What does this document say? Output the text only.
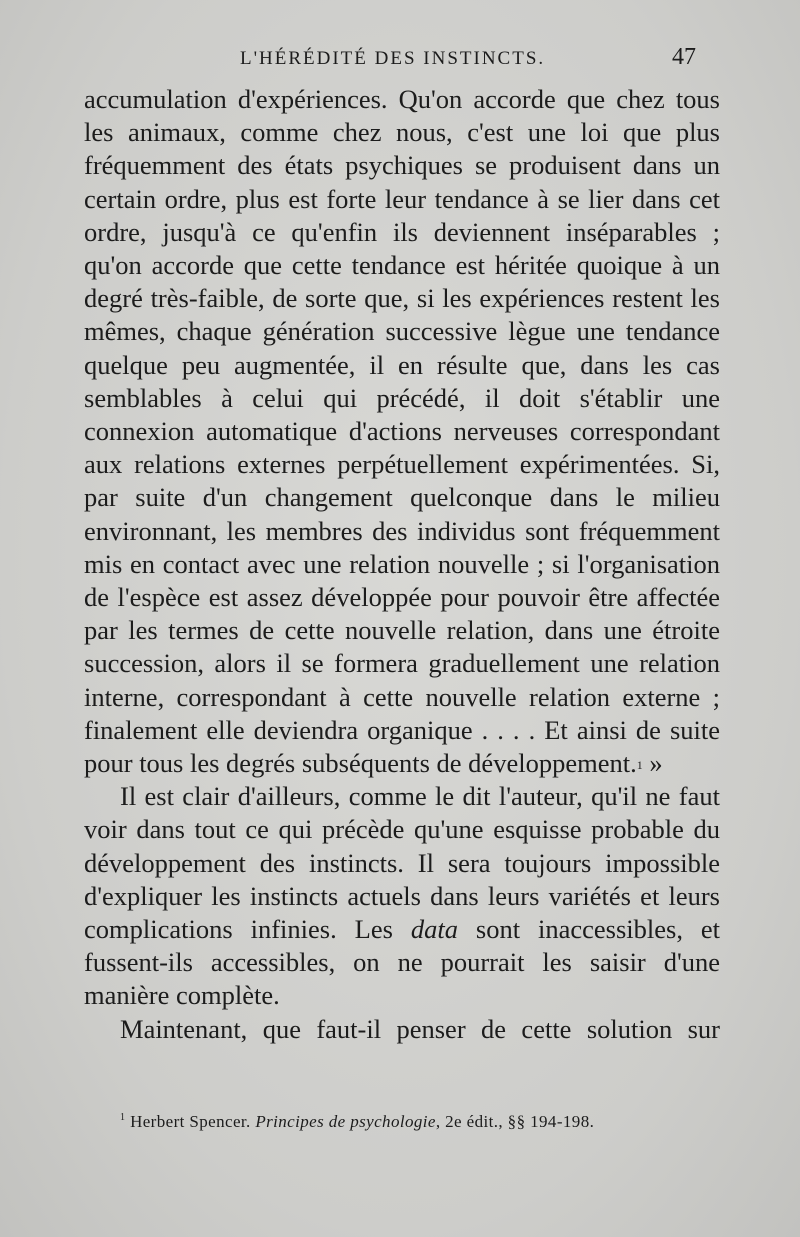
L'HÉRÉDITÉ DES INSTINCTS.	47

accumulation d'expériences. Qu'on accorde que chez tous les animaux, comme chez nous, c'est une loi que plus fréquemment des états psychiques se produisent dans un certain ordre, plus est forte leur tendance à se lier dans cet ordre, jusqu'à ce qu'enfin ils deviennent inséparables ; qu'on accorde que cette tendance est héritée quoique à un degré très-faible, de sorte que, si les expériences restent les mêmes, chaque génération successive lègue une tendance quelque peu augmentée, il en résulte que, dans les cas semblables à celui qui précédé, il doit s'établir une connexion automatique d'actions nerveuses correspondant aux relations externes perpétuellement expérimentées. Si, par suite d'un changement quelconque dans le milieu environnant, les membres des individus sont fréquemment mis en contact avec une relation nouvelle ; si l'organisation de l'espèce est assez développée pour pouvoir être affectée par les termes de cette nouvelle relation, dans une étroite succession, alors il se formera graduellement une relation interne, correspondant à cette nouvelle relation externe ; finalement elle deviendra organique . . . . Et ainsi de suite pour tous les degrés subséquents de développement.$^1$ »

Il est clair d'ailleurs, comme le dit l'auteur, qu'il ne faut voir dans tout ce qui précède qu'une esquisse probable du développement des instincts. Il sera toujours impossible d'expliquer les instincts actuels dans leurs variétés et leurs complications infinies. Les data sont inaccessibles, et fussent-ils accessibles, on ne pourrait les saisir d'une manière complète.

Maintenant, que faut-il penser de cette solution sur

$^1$ Herbert Spencer. Principes de psychologie, 2e édit., §§ 194-198.
